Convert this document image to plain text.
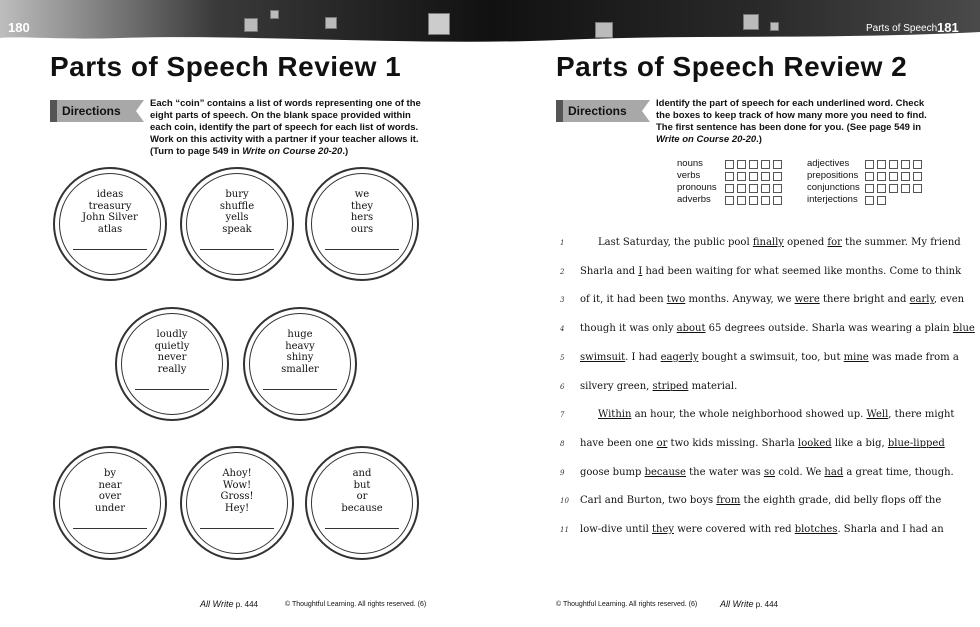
180	Parts of Speech 181
Parts of Speech Review 1
Directions
Each “coin” contains a list of words representing one of the eight parts of speech. On the blank space provided within each coin, identify the part of speech for each list of words. Work on this activity with a partner if your teacher allows it. (Turn to page 549 in Write on Course 20-20.)
ideas
treasury
John Silver
atlas
bury
shuffle
yells
speak
we
they
hers
ours
loudly
quietly
never
really
huge
heavy
shiny
smaller
by
near
over
under
Ahoy!
Wow!
Gross!
Hey!
and
but
or
because
All Write p. 444	© Thoughtful Learning. All rights reserved. (6)
Parts of Speech Review 2
Directions
Identify the part of speech for each underlined word. Check the boxes to keep track of how many more you need to find. The first sentence has been done for you. (See page 549 in Write on Course 20-20.)
nouns
verbs
pronouns
adverbs
adjectives
prepositions
conjunctions
interjections
1	Last Saturday, the public pool finally opened for the summer. My friend
2	Sharla and I had been waiting for what seemed like months. Come to think
3	of it, it had been two months. Anyway, we were there bright and early, even
4	though it was only about 65 degrees outside. Sharla was wearing a plain blue
5	swimsuit. I had eagerly bought a swimsuit, too, but mine was made from a
6	silvery green, striped material.
7	Within an hour, the whole neighborhood showed up. Well, there might
8	have been one or two kids missing. Sharla looked like a big, blue-lipped
9	goose bump because the water was so cold. We had a great time, though.
10 Carl and Burton, two boys from the eighth grade, did belly flops off the
11 low-dive until they were covered with red blotches. Sharla and I had an
© Thoughtful Learning. All rights reserved. (6)	All Write p. 444
